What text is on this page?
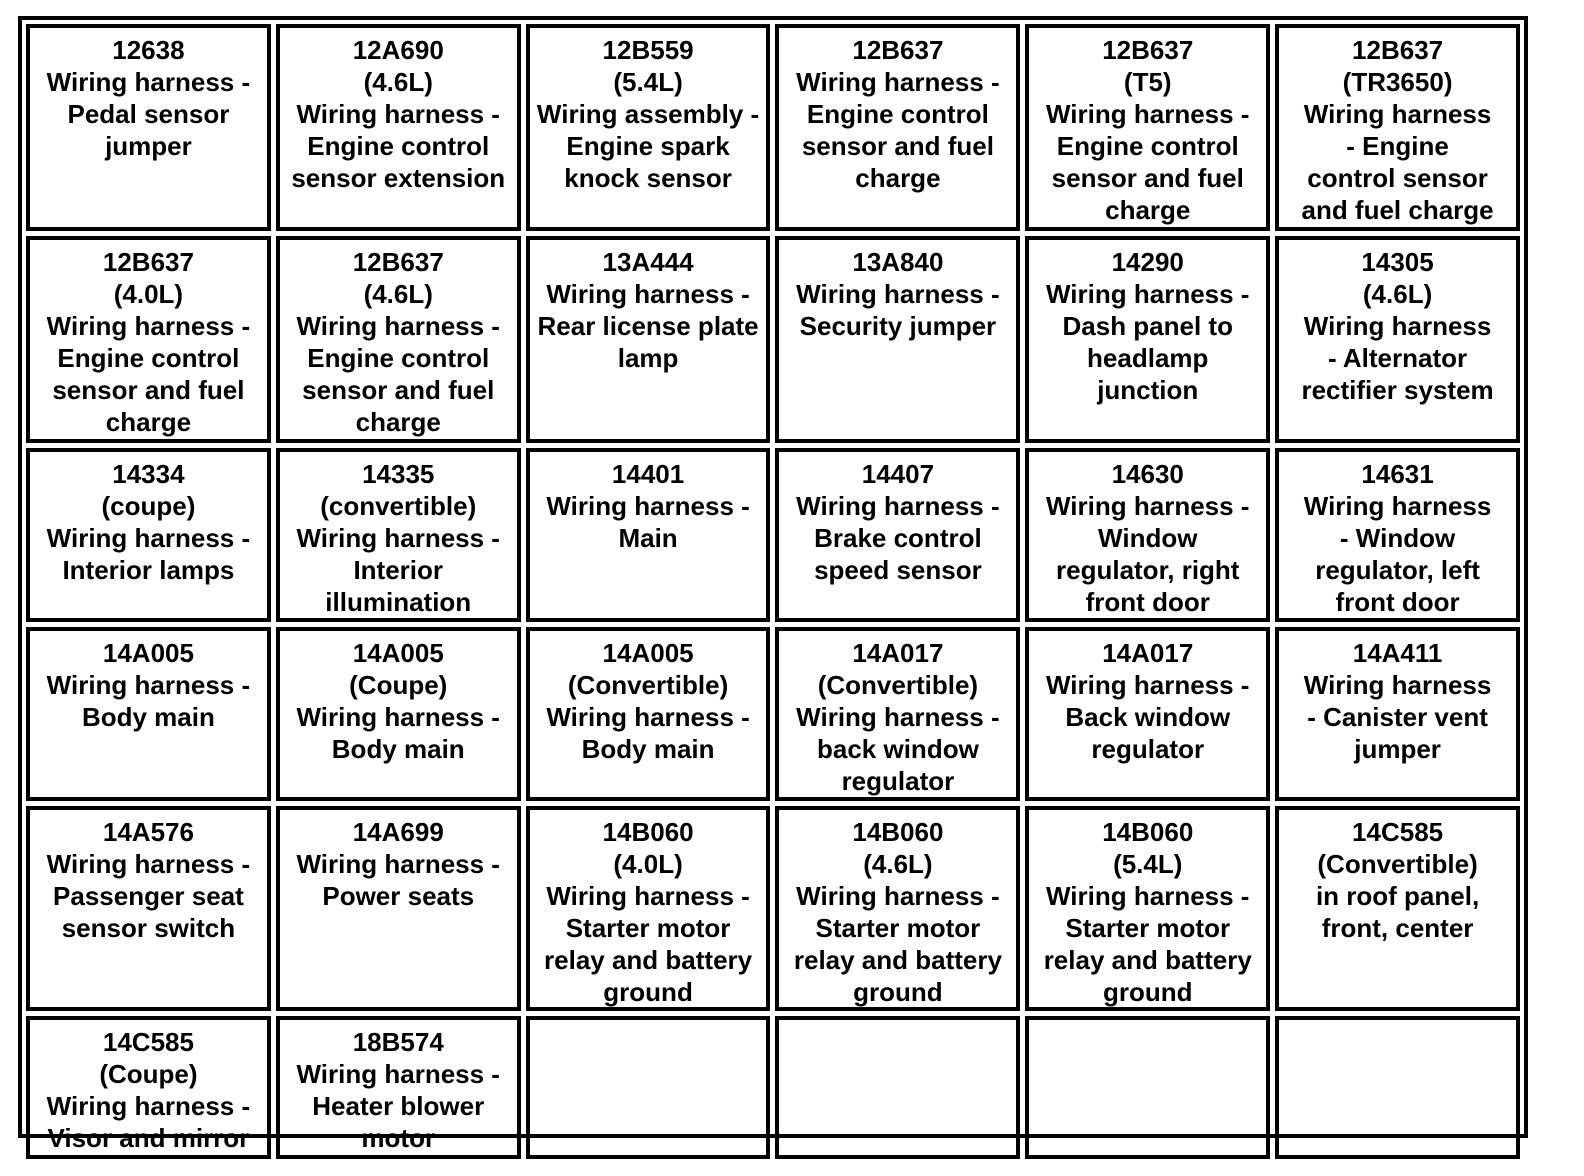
12638
Wiring harness -
Pedal sensor
jumper
12A690
(4.6L)
Wiring harness -
Engine control
sensor extension
12B559
(5.4L)
Wiring assembly -
Engine spark
knock sensor
12B637
Wiring harness -
Engine control
sensor and fuel
charge
12B637
(T5)
Wiring harness -
Engine control
sensor and fuel
charge
12B637
(TR3650)
Wiring harness
- Engine
control sensor
and fuel charge
12B637
(4.0L)
Wiring harness -
Engine control
sensor and fuel
charge
12B637
(4.6L)
Wiring harness -
Engine control
sensor and fuel
charge
13A444
Wiring harness -
Rear license plate
lamp
13A840
Wiring harness -
Security jumper
14290
Wiring harness -
Dash panel to
headlamp
junction
14305
(4.6L)
Wiring harness
- Alternator
rectifier system
14334
(coupe)
Wiring harness -
Interior lamps
14335
(convertible)
Wiring harness -
Interior
illumination
14401
Wiring harness -
Main
14407
Wiring harness -
Brake control
speed sensor
14630
Wiring harness -
Window
regulator, right
front door
14631
Wiring harness
- Window
regulator, left
front door
14A005
Wiring harness -
Body main
14A005
(Coupe)
Wiring harness -
Body main
14A005
(Convertible)
Wiring harness -
Body main
14A017
(Convertible)
Wiring harness -
back window
regulator
14A017
Wiring harness -
Back window
regulator
14A411
Wiring harness
- Canister vent
jumper
14A576
Wiring harness -
Passenger seat
sensor switch
14A699
Wiring harness -
Power seats
14B060
(4.0L)
Wiring harness -
Starter motor
relay and battery
ground
14B060
(4.6L)
Wiring harness -
Starter motor
relay and battery
ground
14B060
(5.4L)
Wiring harness -
Starter motor
relay and battery
ground
14C585
(Convertible)
in roof panel,
front, center
14C585
(Coupe)
Wiring harness -
Visor and mirror
18B574
Wiring harness -
Heater blower
motor
